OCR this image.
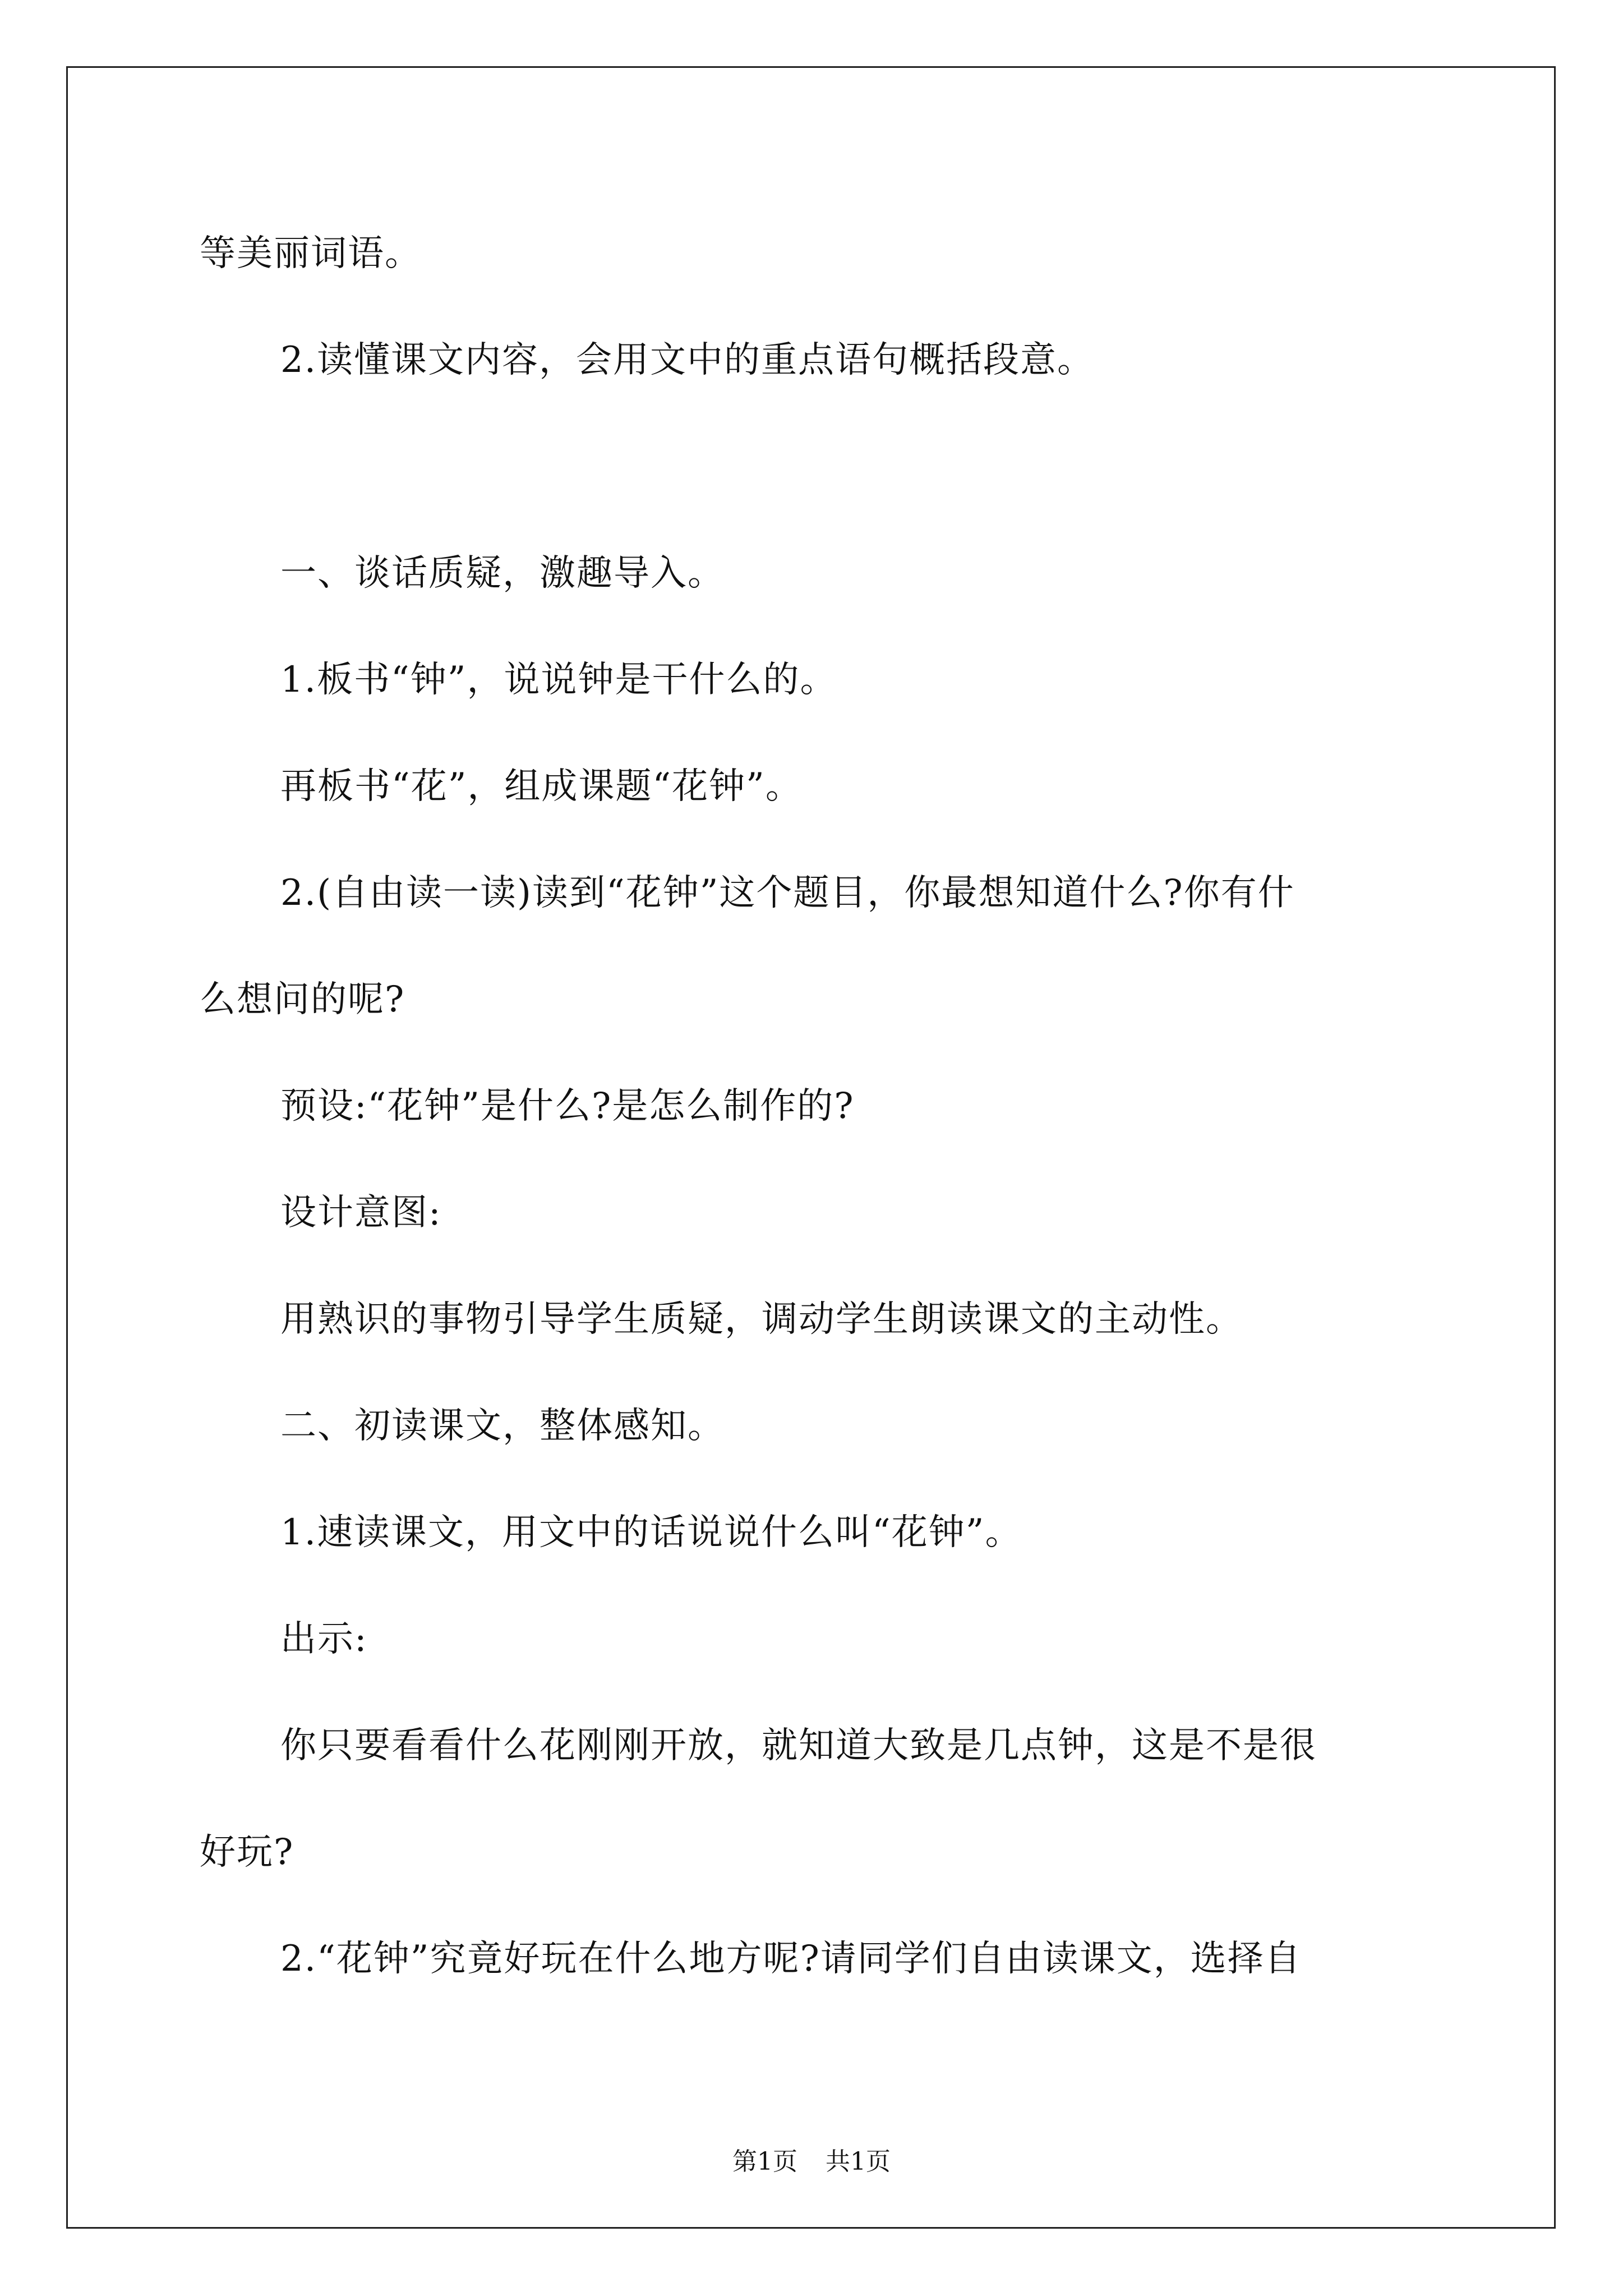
等美丽词语。
2.读懂课文内容，会用文中的重点语句概括段意。
一、谈话质疑，激趣导入。
1.板书“钟”，说说钟是干什么的。
再板书“花”，组成课题“花钟”。
2.(自由读一读)读到“花钟”这个题目，你最想知道什么?你有什
么想问的呢?
预设:“花钟”是什么?是怎么制作的?
设计意图:
用熟识的事物引导学生质疑，调动学生朗读课文的主动性。
二、初读课文，整体感知。
1.速读课文，用文中的话说说什么叫“花钟”。
出示:
你只要看看什么花刚刚开放，就知道大致是几点钟，这是不是很
好玩?
2.“花钟”究竟好玩在什么地方呢?请同学们自由读课文，选择自
第1页 共1页
